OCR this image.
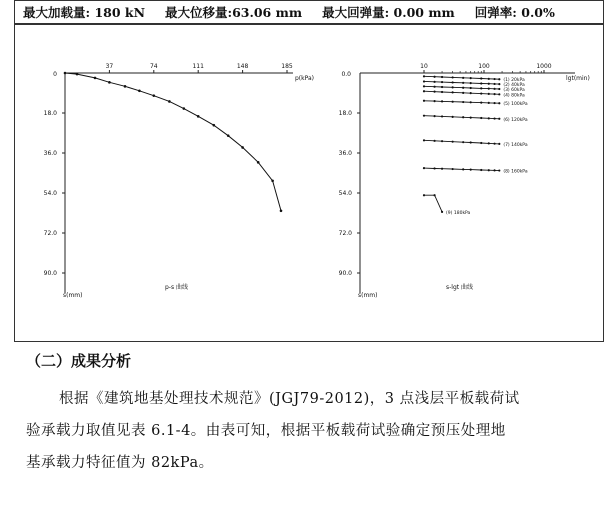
最大加载量: 180 kN 最大位移量:63.06 mm 最大回弹量: 0.00 mm 回弹率: 0.0%
p(kPa)
s(mm)
p-s 曲线
0
37	74	111	148	185
18.0
36.0
54.0
72.0
90.0
lgt(min)
s(mm)
s-lgt 曲线
0.0
10	100	1000
18.0
36.0
54.0
72.0
90.0
(1) 20kPa
(2) 40kPa
(3) 60kPa
(4) 80kPa
(5) 100kPa
(6) 120kPa
(7) 140kPa
(8) 160kPa
(9) 180kPa
（二）成果分析
根据《建筑地基处理技术规范》(JGJ79-2012)，3 点浅层平板载荷试
验承载力取值见表 6.1-4。由表可知，根据平板载荷试验确定预压处理地
基承载力特征值为 82kPa。
